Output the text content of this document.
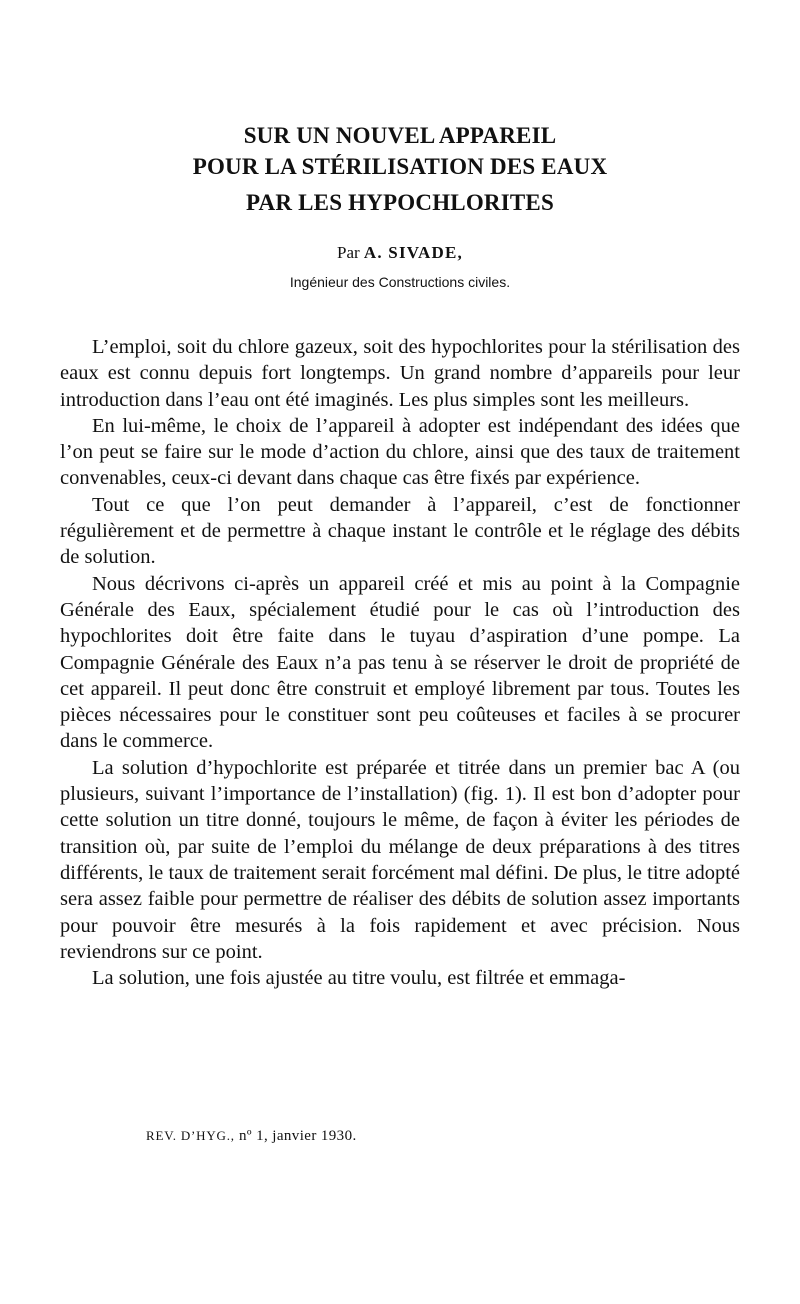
SUR UN NOUVEL APPAREIL
POUR LA STÉRILISATION DES EAUX
PAR LES HYPOCHLORITES
Par A. SIVADE,
Ingénieur des Constructions civiles.

L’emploi, soit du chlore gazeux, soit des hypochlorites pour la stérilisation des eaux est connu depuis fort longtemps. Un grand nombre d’appareils pour leur introduction dans l’eau ont été imaginés. Les plus simples sont les meilleurs.

En lui-même, le choix de l’appareil à adopter est indépendant des idées que l’on peut se faire sur le mode d’action du chlore, ainsi que des taux de traitement convenables, ceux-ci devant dans chaque cas être fixés par expérience.

Tout ce que l’on peut demander à l’appareil, c’est de fonctionner régulièrement et de permettre à chaque instant le contrôle et le réglage des débits de solution.

Nous décrivons ci-après un appareil créé et mis au point à la Compagnie Générale des Eaux, spécialement étudié pour le cas où l’introduction des hypochlorites doit être faite dans le tuyau d’aspiration d’une pompe. La Compagnie Générale des Eaux n’a pas tenu à se réserver le droit de propriété de cet appareil. Il peut donc être construit et employé librement par tous. Toutes les pièces nécessaires pour le constituer sont peu coûteuses et faciles à se procurer dans le commerce.

La solution d’hypochlorite est préparée et titrée dans un premier bac A (ou plusieurs, suivant l’importance de l’installation) (fig. 1). Il est bon d’adopter pour cette solution un titre donné, toujours le même, de façon à éviter les périodes de transition où, par suite de l’emploi du mélange de deux préparations à des titres différents, le taux de traitement serait forcément mal défini. De plus, le titre adopté sera assez faible pour permettre de réaliser des débits de solution assez importants pour pouvoir être mesurés à la fois rapidement et avec précision. Nous reviendrons sur ce point.

La solution, une fois ajustée au titre voulu, est filtrée et emmaga-

REV. D’HYG., nº 1, janvier 1930.
